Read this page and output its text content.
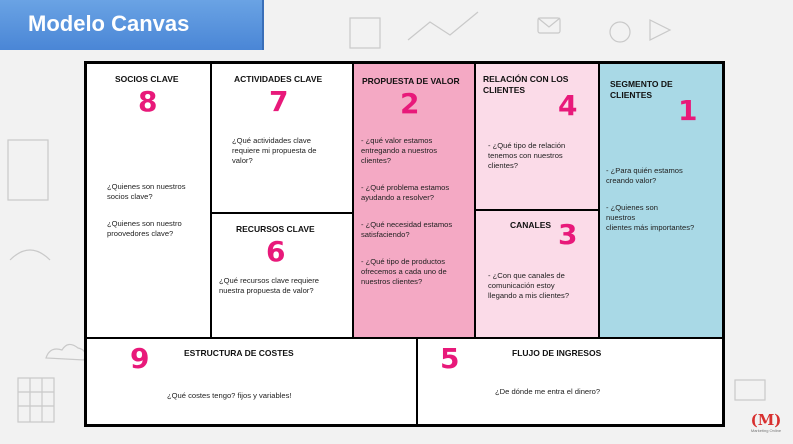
Modelo Canvas
SOCIOS CLAVE
8

¿Quienes son nuestros
socios clave?

¿Quienes son nuestro
proovedores clave?

ACTIVIDADES CLAVE
7

¿Qué actividades clave
requiere mi propuesta de
valor?

RECURSOS CLAVE
6

¿Qué recursos clave requiere
nuestra propuesta de valor?

PROPUESTA DE VALOR
2

- ¿qué valor estamos
entregando a nuestros
clientes?

- ¿Qué problema estamos
ayudando a resolver?

- ¿Qué necesidad estamos
satisfaciendo?

- ¿Qué tipo de productos
ofrecemos a cada uno de
nuestros clientes?

RELACIÓN CON LOS
CLIENTES	4

- ¿Qué tipo de relación
tenemos con nuestros
clientes?

CANALES 3

- ¿Con que canales de
comunicación estoy
llegando a mis clientes?

SEGMENTO DE
CLIENTES 1

- ¿Para quién estamos
creando valor?

- ¿Quienes son
nuestros
clientes más importantes?

9	ESTRUCTURA DE COSTES

¿Qué costes tengo? fijos y variables!

5	FLUJO DE INGRESOS

¿De dónde me entra el dinero?

(M)
Marketing Online
